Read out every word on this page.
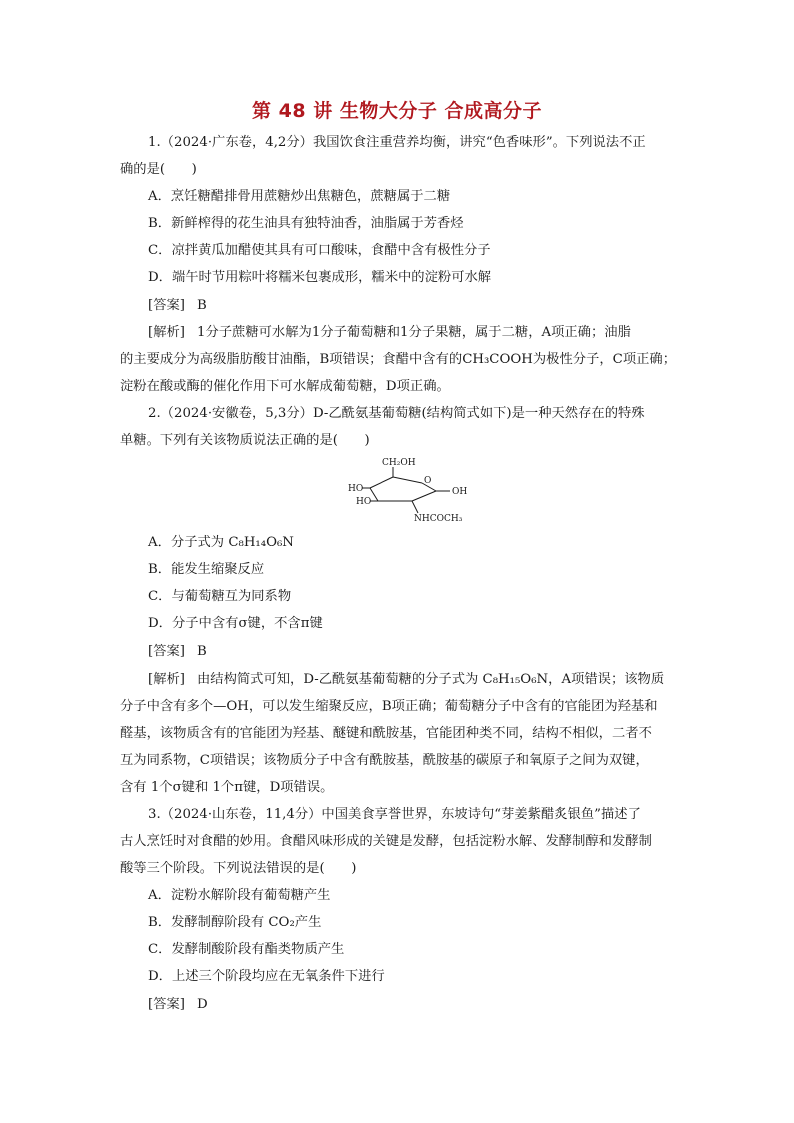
第 48 讲 生物大分子 合成高分子
1.（2024·广东卷，4,2分）我国饮食注重营养均衡，讲究“色香味形”。下列说法不正
确的是(　　)
A．烹饪糖醋排骨用蔗糖炒出焦糖色，蔗糖属于二糖
B．新鲜榨得的花生油具有独特油香，油脂属于芳香烃
C．凉拌黄瓜加醋使其具有可口酸味，食醋中含有极性分子
D．端午时节用粽叶将糯米包裹成形，糯米中的淀粉可水解
[答案] B
[解析] 1分子蔗糖可水解为1分子葡萄糖和1分子果糖，属于二糖，A项正确；油脂
的主要成分为高级脂肪酸甘油酯，B项错误；食醋中含有的CH₃COOH为极性分子，C项正确；
淀粉在酸或酶的催化作用下可水解成葡萄糖，D项正确。
2.（2024·安徽卷，5,3分）D-乙酰氨基葡萄糖(结构简式如下)是一种天然存在的特殊
单糖。下列有关该物质说法正确的是(　　)
CH₂OH
O
HO
HO
OH
NHCOCH₃
A．分子式为 C₈H₁₄O₆N
B．能发生缩聚反应
C．与葡萄糖互为同系物
D．分子中含有σ键，不含π键
[答案] B
[解析] 由结构简式可知，D-乙酰氨基葡萄糖的分子式为 C₈H₁₅O₆N，A项错误；该物质
分子中含有多个—OH，可以发生缩聚反应，B项正确；葡萄糖分子中含有的官能团为羟基和
醛基，该物质含有的官能团为羟基、醚键和酰胺基，官能团种类不同，结构不相似，二者不
互为同系物，C项错误；该物质分子中含有酰胺基，酰胺基的碳原子和氧原子之间为双键，
含有 1个σ键和 1个π键，D项错误。
3.（2024·山东卷，11,4分）中国美食享誉世界，东坡诗句“芽姜紫醋炙银鱼”描述了
古人烹饪时对食醋的妙用。食醋风味形成的关键是发酵，包括淀粉水解、发酵制醇和发酵制
酸等三个阶段。下列说法错误的是(　　)
A．淀粉水解阶段有葡萄糖产生
B．发酵制醇阶段有 CO₂产生
C．发酵制酸阶段有酯类物质产生
D．上述三个阶段均应在无氧条件下进行
[答案] D
